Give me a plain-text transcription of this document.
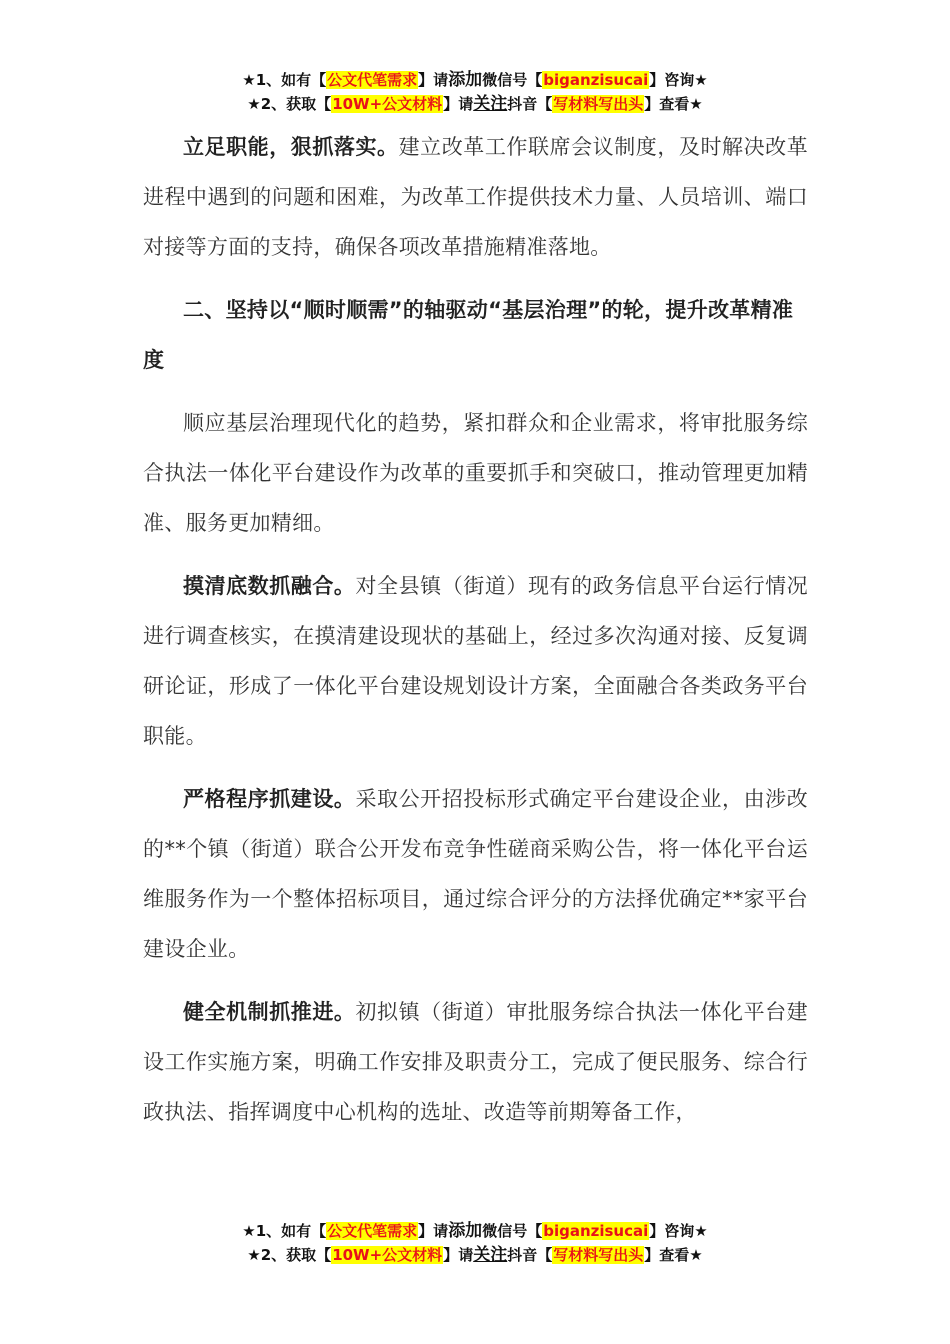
★1、如有【公文代笔需求】请添加微信号【biganzisucai】咨询★
★2、获取【10W+公文材料】请关注抖音【写材料写出头】查看★

立足职能，狠抓落实。建立改革工作联席会议制度，及时解决改革进程中遇到的问题和困难，为改革工作提供技术力量、人员培训、端口对接等方面的支持，确保各项改革措施精准落地。

二、坚持以“顺时顺需”的轴驱动“基层治理”的轮，提升改革精准度

顺应基层治理现代化的趋势，紧扣群众和企业需求，将审批服务综合执法一体化平台建设作为改革的重要抓手和突破口，推动管理更加精准、服务更加精细。

摸清底数抓融合。对全县镇（街道）现有的政务信息平台运行情况进行调查核实，在摸清建设现状的基础上，经过多次沟通对接、反复调研论证，形成了一体化平台建设规划设计方案，全面融合各类政务平台职能。

严格程序抓建设。采取公开招投标形式确定平台建设企业，由涉改的**个镇（街道）联合公开发布竞争性磋商采购公告，将一体化平台运维服务作为一个整体招标项目，通过综合评分的方法择优确定**家平台建设企业。

健全机制抓推进。初拟镇（街道）审批服务综合执法一体化平台建设工作实施方案，明确工作安排及职责分工，完成了便民服务、综合行政执法、指挥调度中心机构的选址、改造等前期筹备工作，

★1、如有【公文代笔需求】请添加微信号【biganzisucai】咨询★
★2、获取【10W+公文材料】请关注抖音【写材料写出头】查看★
